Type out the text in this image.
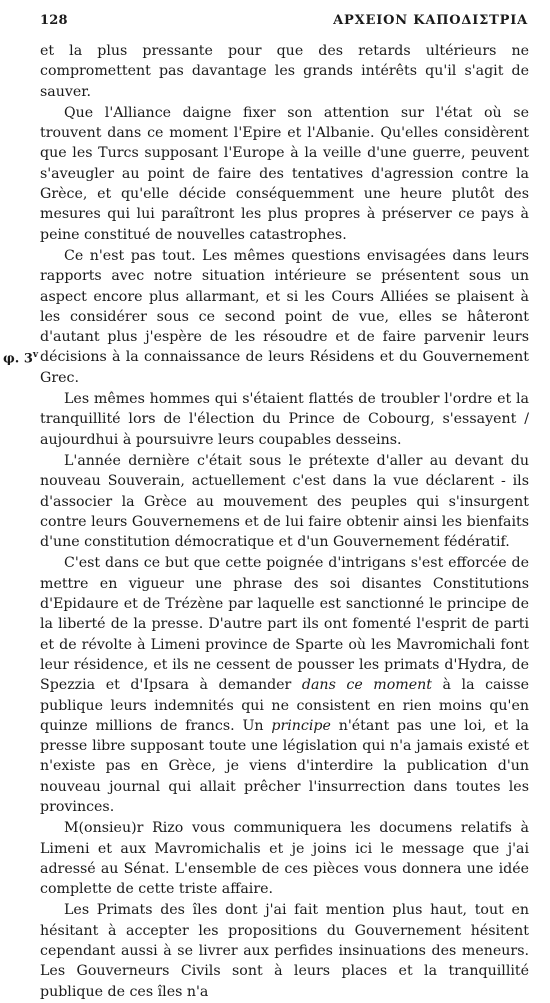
128	ΑΡΧΕΙΟΝ ΚΑΠΟΔΙΣΤΡΙΑ
φ. 3$^v$

et la plus pressante pour que des retards ultérieurs ne compromettent pas davantage les grands intérêts qu'il s'agit de sauver.

Que l'Alliance daigne fixer son attention sur l'état où se trouvent dans ce moment l'Epire et l'Albanie. Qu'elles considèrent que les Turcs supposant l'Europe à la veille d'une guerre, peuvent s'aveugler au point de faire des tentatives d'agression contre la Grèce, et qu'elle décide conséquemment une heure plutôt des mesures qui lui paraîtront les plus propres à préserver ce pays à peine constitué de nouvelles catastrophes.

Ce n'est pas tout. Les mêmes questions envisagées dans leurs rapports avec notre situation intérieure se présentent sous un aspect encore plus allarmant, et si les Cours Alliées se plaisent à les considérer sous ce second point de vue, elles se hâteront d'autant plus j'espère de les résoudre et de faire parvenir leurs décisions à la connaissance de leurs Résidens et du Gouvernement Grec.

Les mêmes hommes qui s'étaient flattés de troubler l'ordre et la tranquillité lors de l'élection du Prince de Cobourg, s'essayent / aujourdhui à poursuivre leurs coupables desseins.

L'année dernière c'était sous le prétexte d'aller au devant du nouveau Souverain, actuellement c'est dans la vue déclarent - ils d'associer la Grèce au mouvement des peuples qui s'insurgent contre leurs Gouvernemens et de lui faire obtenir ainsi les bienfaits d'une constitution démocratique et d'un Gouvernement fédératif.

C'est dans ce but que cette poignée d'intrigans s'est efforcée de mettre en vigueur une phrase des soi disantes Constitutions d'Epidaure et de Trézène par laquelle est sanctionné le principe de la liberté de la presse. D'autre part ils ont fomenté l'esprit de parti et de révolte à Limeni province de Sparte où les Mavromichali font leur résidence, et ils ne cessent de pousser les primats d'Hydra, de Spezzia et d'Ipsara à demander dans ce moment à la caisse publique leurs indemnités qui ne consistent en rien moins qu'en quinze millions de francs. Un principe n'étant pas une loi, et la presse libre supposant toute une législation qui n'a jamais existé et n'existe pas en Grèce, je viens d'interdire la publication d'un nouveau journal qui allait prêcher l'insurrection dans toutes les provinces.

M(onsieu)r Rizo vous communiquera les documens relatifs à Limeni et aux Mavromichalis et je joins ici le message que j'ai adressé au Sénat. L'ensemble de ces pièces vous donnera une idée complette de cette triste affaire.

Les Primats des îles dont j'ai fait mention plus haut, tout en hésitant à accepter les propositions du Gouvernement hésitent cependant aussi à se livrer aux perfides insinuations des meneurs. Les Gouverneurs Civils sont à leurs places et la tranquillité publique de ces îles n'a
